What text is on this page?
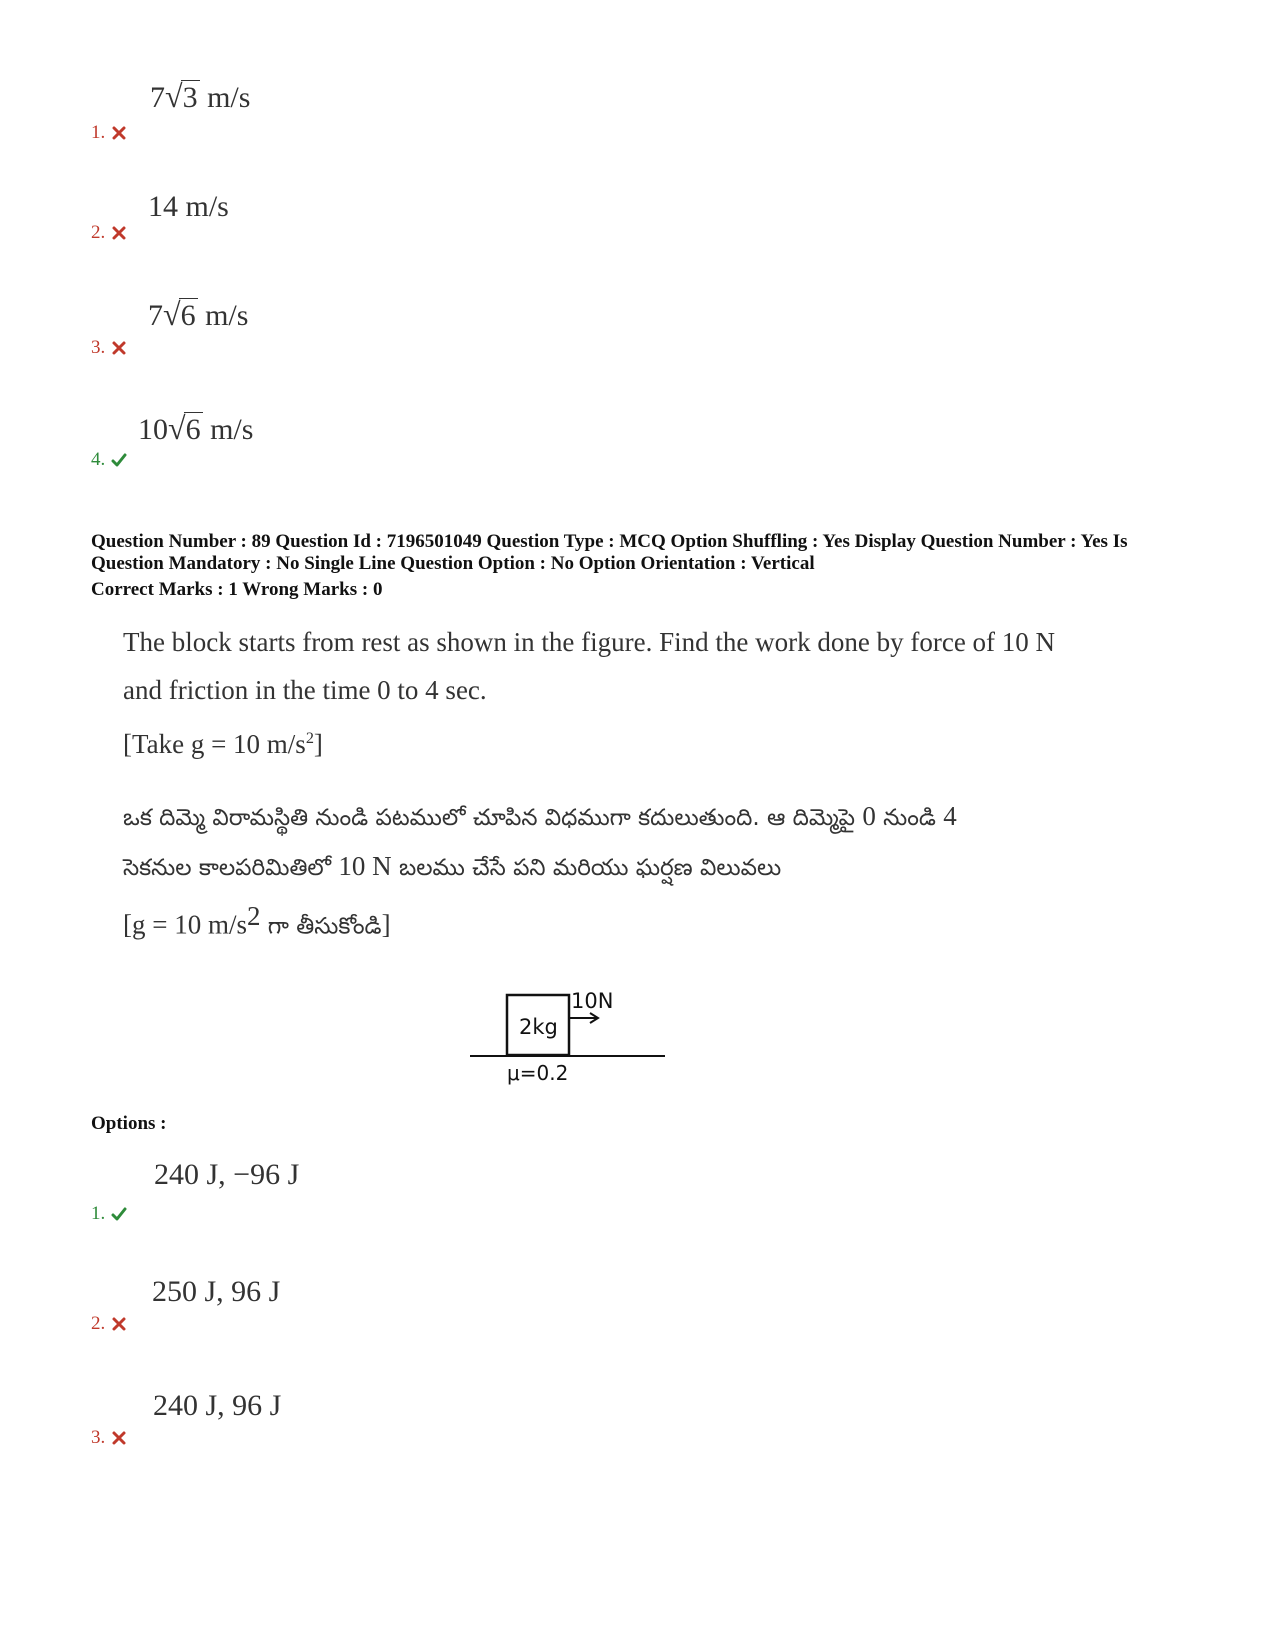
7√3 m/s
1.
14 m/s
2.
7√6 m/s
3.
10√6 m/s
4.
Question Number : 89 Question Id : 7196501049 Question Type : MCQ Option Shuffling : Yes Display Question Number : Yes Is
Question Mandatory : No Single Line Question Option : No Option Orientation : Vertical
Correct Marks : 1 Wrong Marks : 0
The block starts from rest as shown in the figure. Find the work done by force of 10 N
and friction in the time 0 to 4 sec.
[Take g = 10 $m/s^2$]
ఒక దిమ్మె విరామస్థితి నుండి పటములో చూపిన విధముగా కదులుతుంది. ఆ దిమ్మెపై 0 నుండి 4
సెకనుల కాలపరిమితిలో 10 N బలము చేసే పని మరియు ఘర్షణ విలువలు
[g = 10 $m/s^2$ గా తీసుకోండి]
2kg
10N
μ=0.2
Options :
240 J, −96 J
1.
250 J, 96 J
2.
240 J, 96 J
3.
